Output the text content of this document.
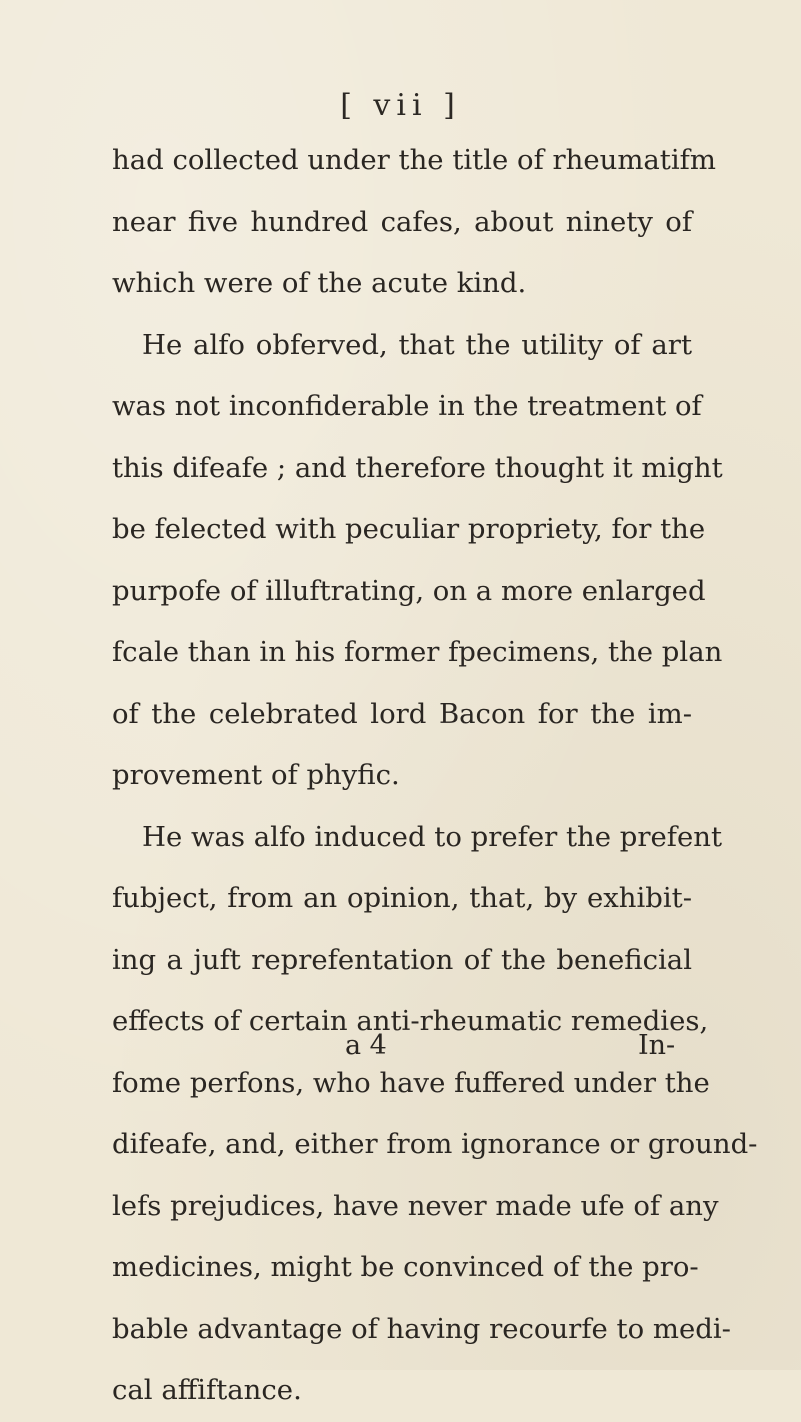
[ vii ]
had collected under the title of rheumatifm
near five hundred cafes, about ninety of
which were of the acute kind.
He alfo obferved, that the utility of art
was not inconfiderable in the treatment of
this difeafe ; and therefore thought it might
be felected with peculiar propriety, for the
purpofe of illuftrating, on a more enlarged
fcale than in his former fpecimens, the plan
of the celebrated lord Bacon for the im-
provement of phyfic.
He was alfo induced to prefer the prefent
fubject, from an opinion, that, by exhibit-
ing a juft reprefentation of the beneficial
effects of certain anti-rheumatic remedies,
fome perfons, who have fuffered under the
difeafe, and, either from ignorance or ground-
lefs prejudices, have never made ufe of any
medicines, might be convinced of the pro-
bable advantage of having recourfe to medi-
cal affiftance.
a 4	In-
